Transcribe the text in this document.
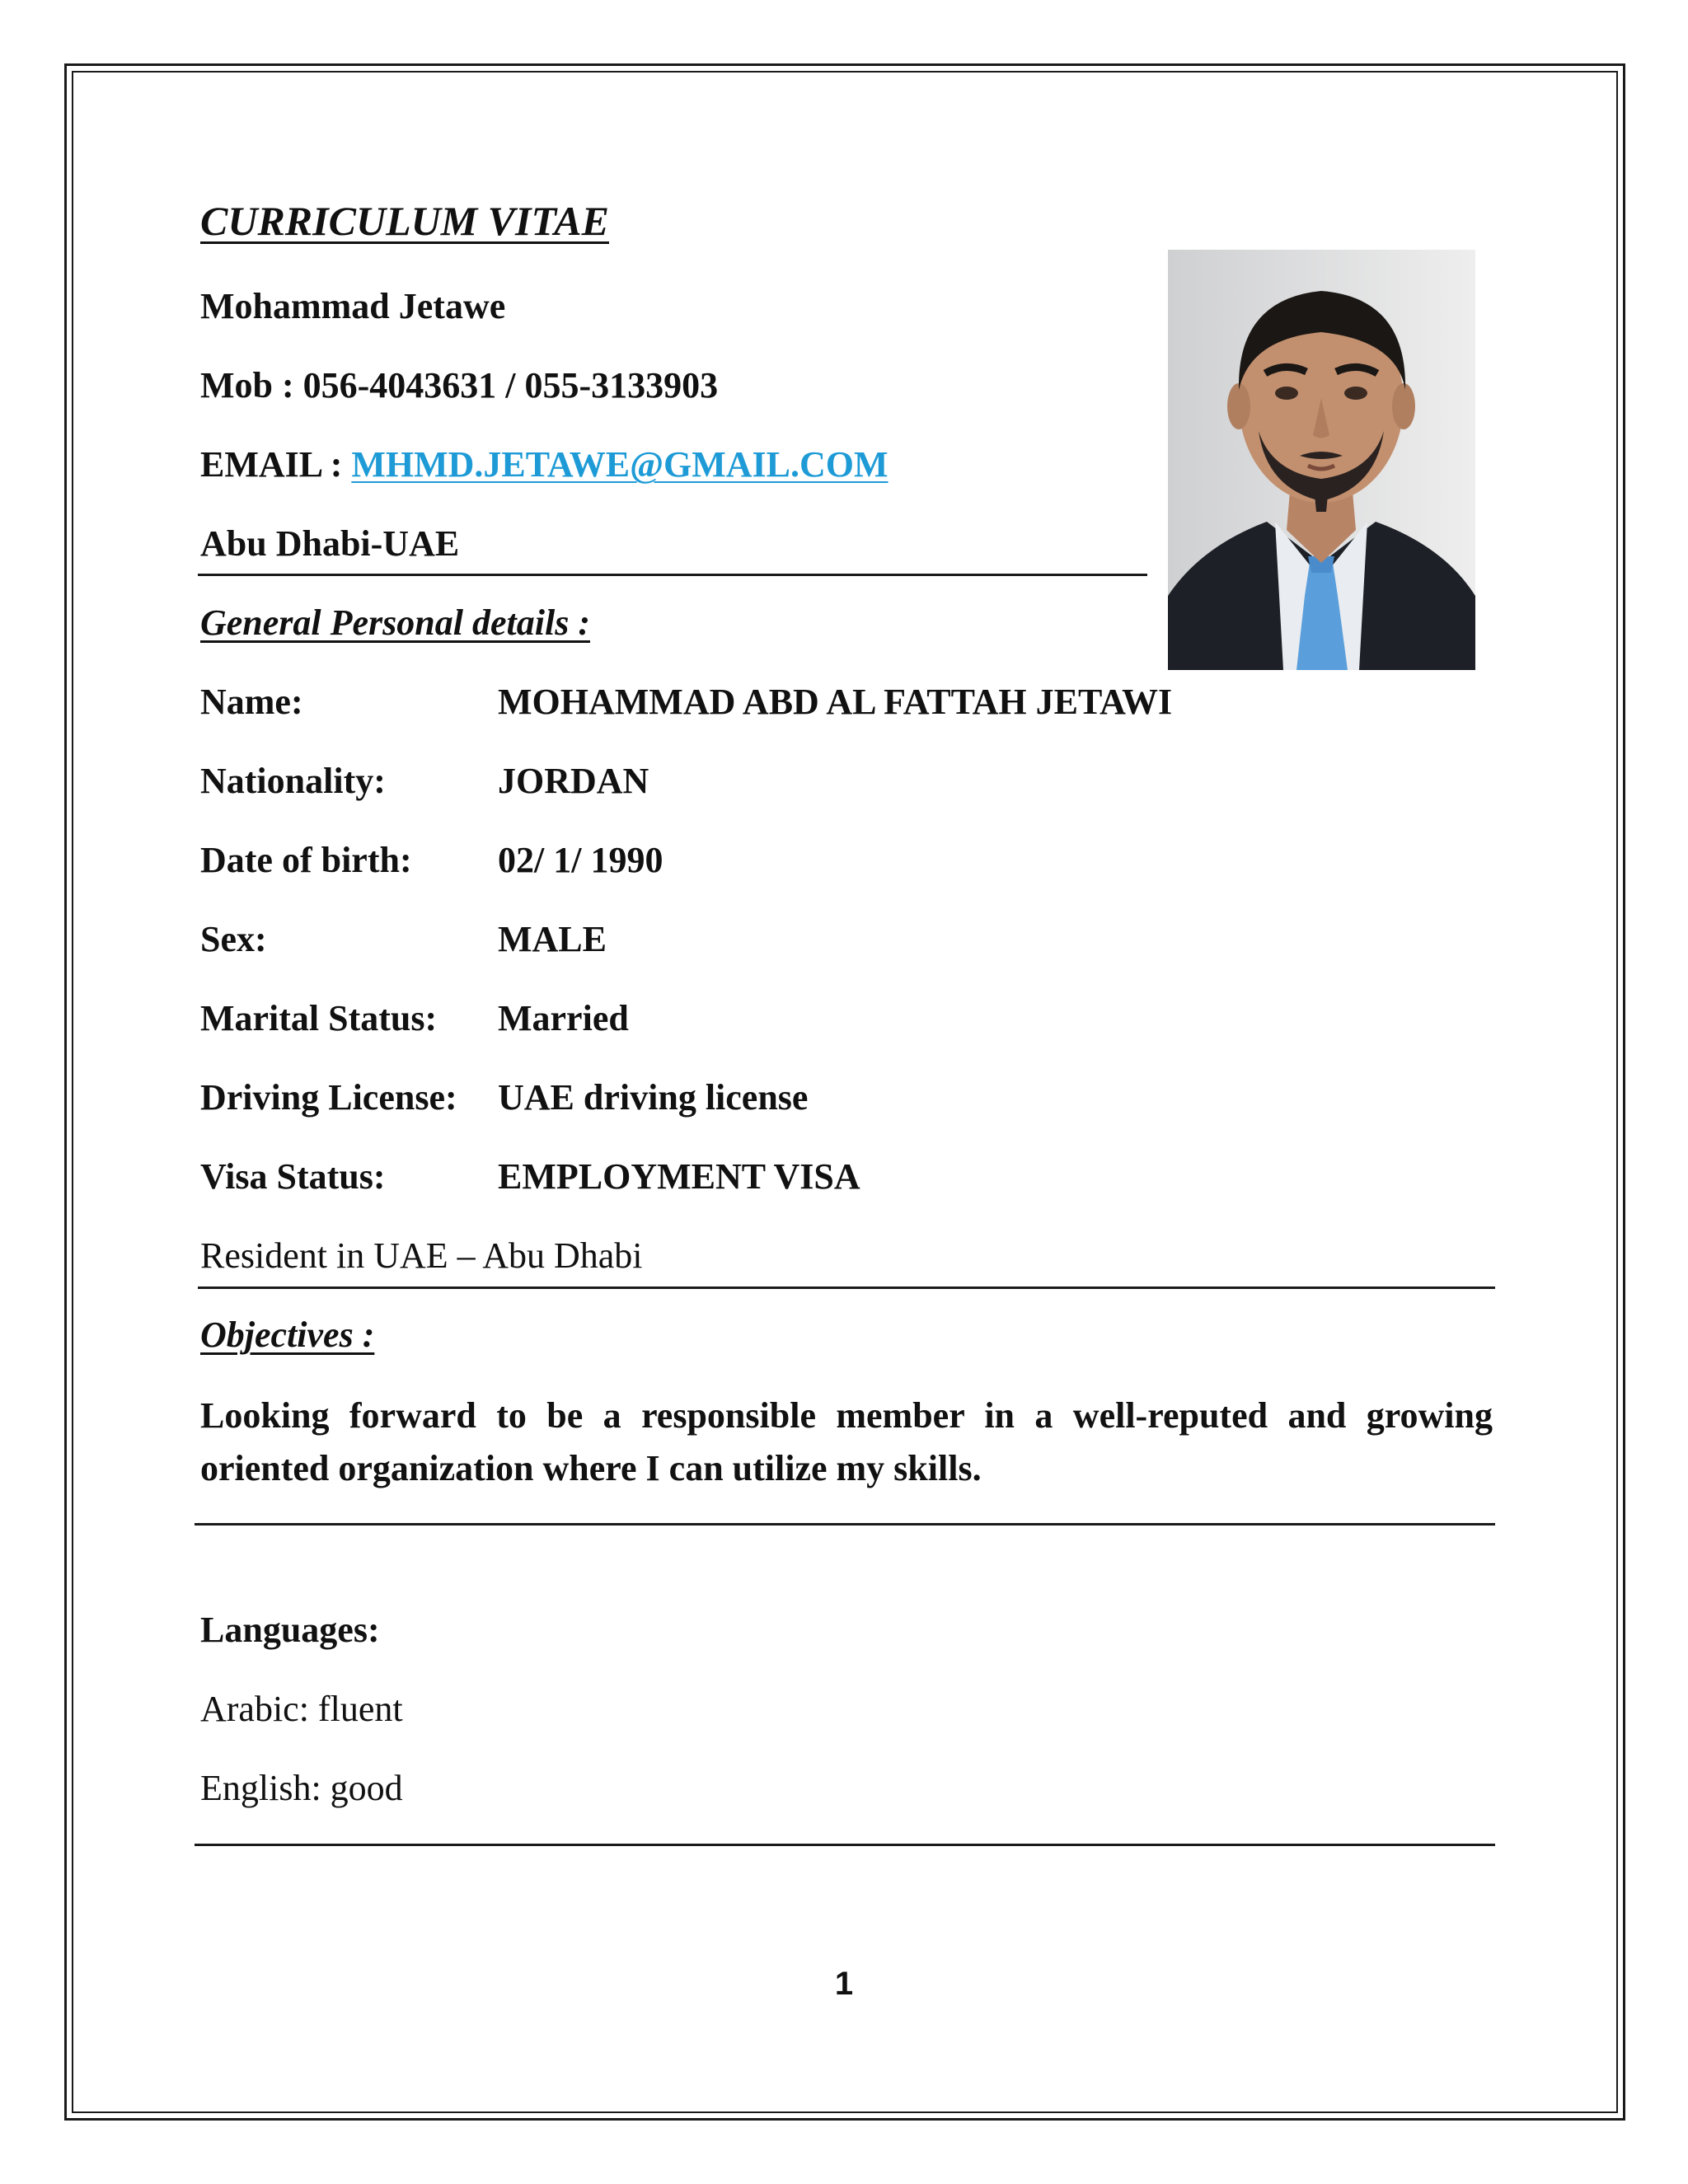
CURRICULUM VITAE
Mohammad Jetawe
Mob : 056-4043631 / 055-3133903
EMAIL : MHMD.JETAWE@GMAIL.COM
Abu Dhabi-UAE
General Personal details :
Name:	MOHAMMAD ABD AL FATTAH JETAWI
Nationality:	JORDAN
Date of birth: 02/ 1/ 1990
Sex:	MALE
Marital Status: Married
Driving License: UAE driving license
Visa Status:	EMPLOYMENT VISA
Resident in UAE – Abu Dhabi
Objectives :
Looking forward to be a responsible member in a well-reputed and growing oriented organization where I can utilize my skills.
Languages:
Arabic: fluent
English: good
1
